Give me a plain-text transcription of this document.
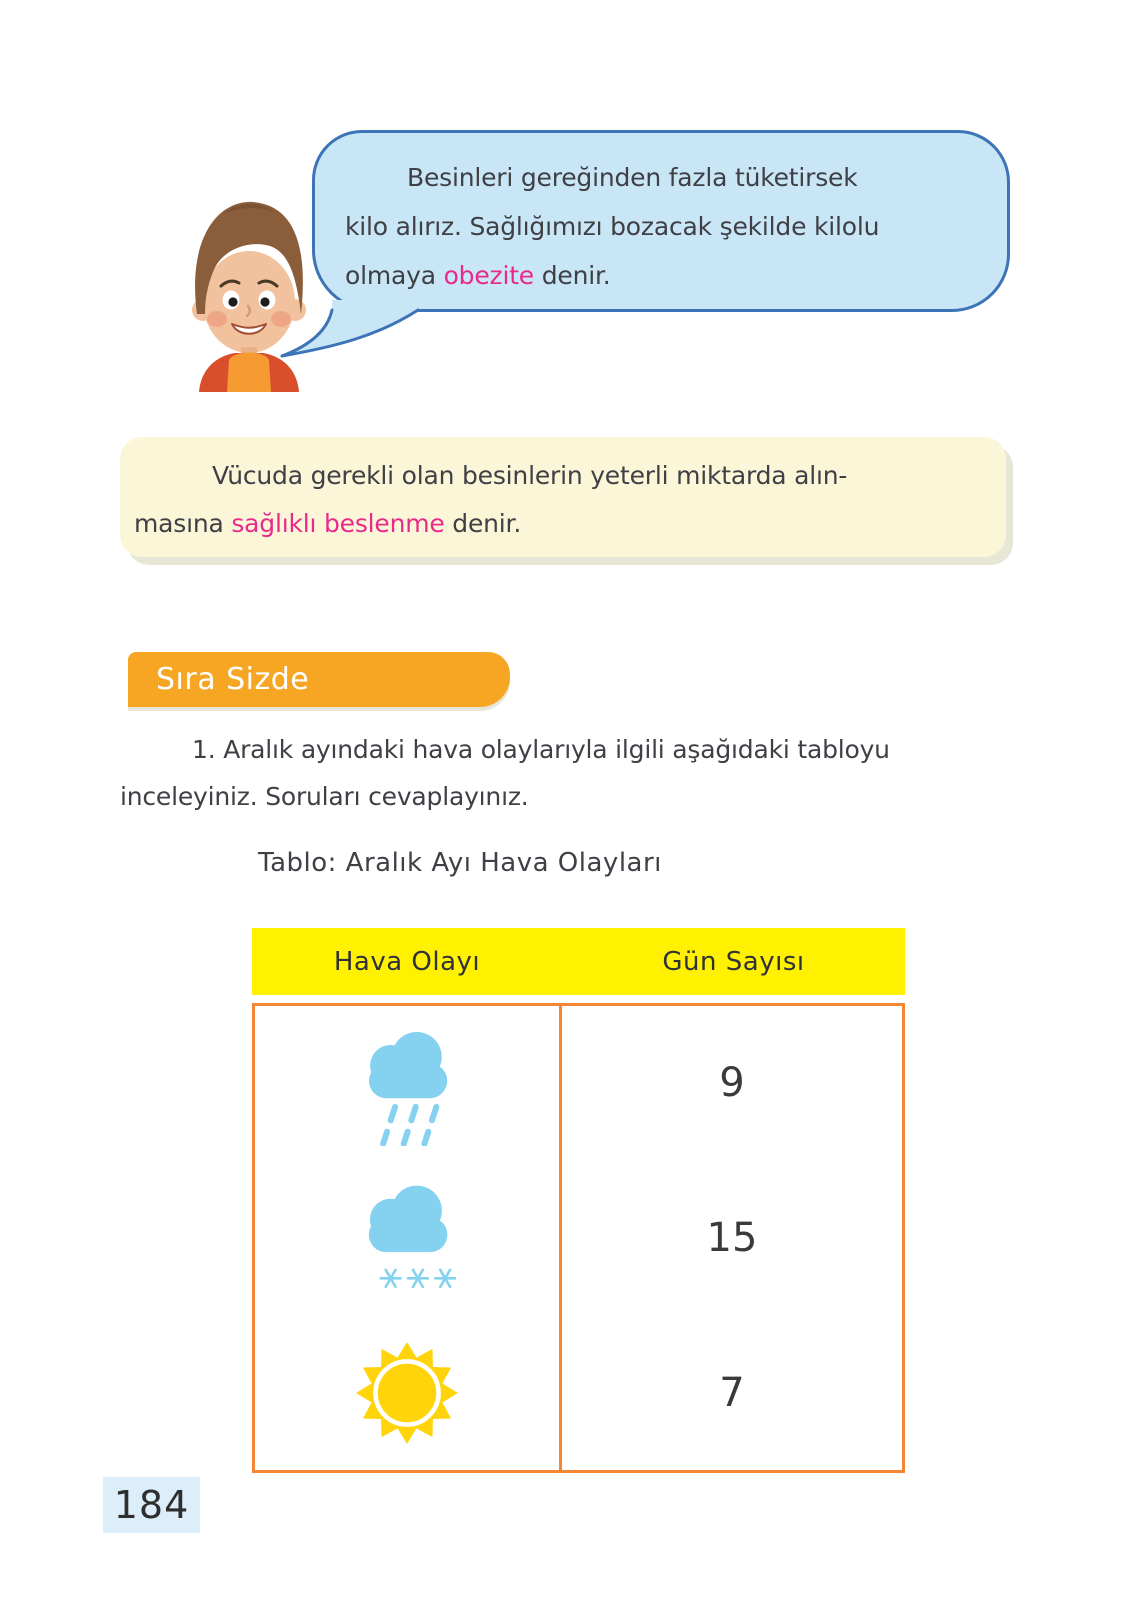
Besinleri gereğinden fazla tüketirsek
kilo alırız. Sağlığımızı bozacak şekilde kilolu
olmaya obezite denir.
Vücuda gerekli olan besinlerin yeterli miktarda alın-
masına sağlıklı beslenme denir.
Sıra Sizde
1. Aralık ayındaki hava olaylarıyla ilgili aşağıdaki tabloyu
inceleyiniz. Soruları cevaplayınız.
Tablo: Aralık Ayı Hava Olayları
Hava Olayı	Gün Sayısı
9
15
7
184
